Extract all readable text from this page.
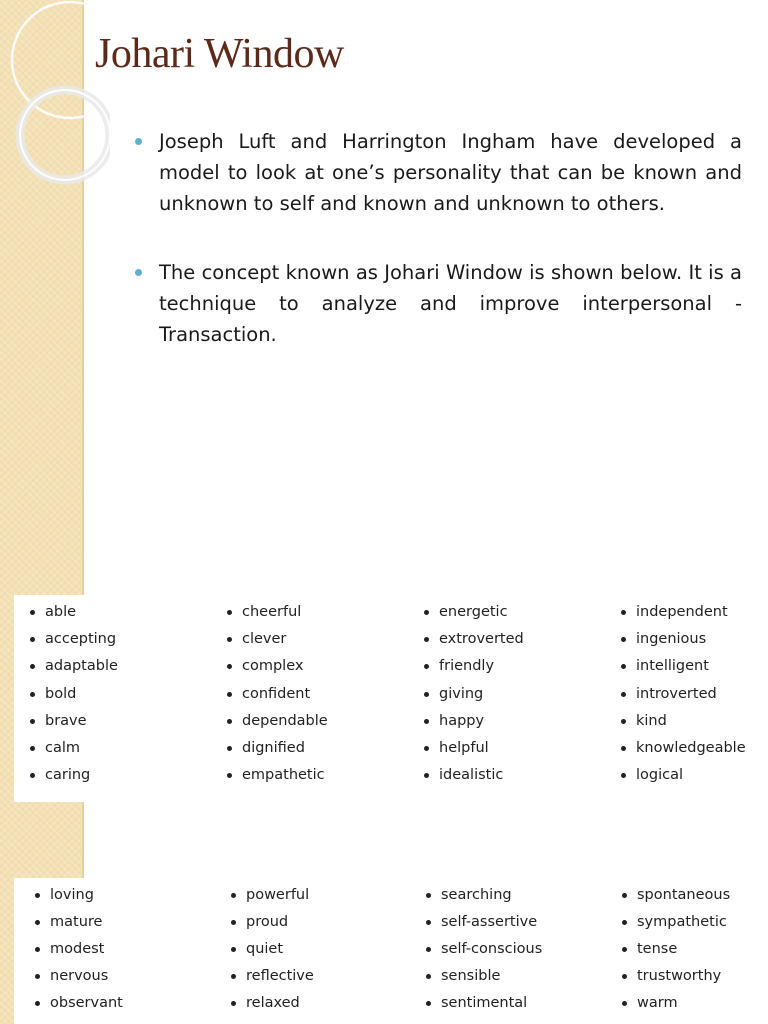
Johari Window

Joseph Luft and Harrington Ingham have developed a model to look at one’s personality that can be known and unknown to self and known and unknown to others.

The concept known as Johari Window is shown below. It is a technique to analyze and improve interpersonal - Transaction.

able
accepting
adaptable
bold
brave
calm
caring
cheerful
clever
complex
confident
dependable
dignified
empathetic
energetic
extroverted
friendly
giving
happy
helpful
idealistic
independent
ingenious
intelligent
introverted
kind
knowledgeable
logical
loving
mature
modest
nervous
observant
powerful
proud
quiet
reflective
relaxed
searching
self-assertive
self-conscious
sensible
sentimental
spontaneous
sympathetic
tense
trustworthy
warm
